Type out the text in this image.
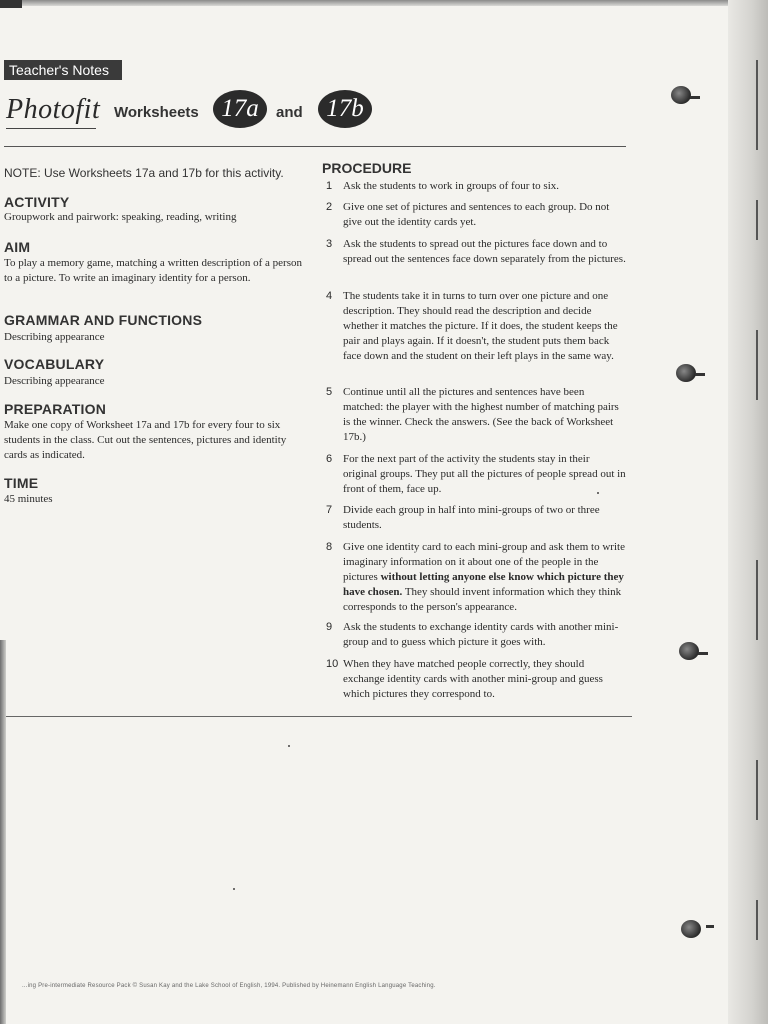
Teacher's Notes
Photofit Worksheets 17a	and 17b
NOTE: Use Worksheets 17a and 17b for this activity.
ACTIVITY
Groupwork and pairwork: speaking, reading, writing
AIM
To play a memory game, matching a written description of a person to a picture. To write an imaginary identity for a person.
GRAMMAR AND FUNCTIONS
Describing appearance
VOCABULARY
Describing appearance
PREPARATION
Make one copy of Worksheet 17a and 17b for every four to six students in the class. Cut out the sentences, pictures and identity cards as indicated.
TIME
45 minutes
PROCEDURE
1 Ask the students to work in groups of four to six.
2 Give one set of pictures and sentences to each group. Do not give out the identity cards yet.
3 Ask the students to spread out the pictures face down and to spread out the sentences face down separately from the pictures.
4 The students take it in turns to turn over one picture and one description. They should read the description and decide whether it matches the picture. If it does, the student keeps the pair and plays again. If it doesn't, the student puts them back face down and the student on their left plays in the same way.
5 Continue until all the pictures and sentences have been matched: the player with the highest number of matching pairs is the winner. Check the answers. (See the back of Worksheet 17b.)
6 For the next part of the activity the students stay in their original groups. They put all the pictures of people spread out in front of them, face up.
7 Divide each group in half into mini-groups of two or three students.
8 Give one identity card to each mini-group and ask them to write imaginary information on it about one of the people in the pictures without letting anyone else know which picture they have chosen. They should invent information which they think corresponds to the person's appearance.
9 Ask the students to exchange identity cards with another mini-group and to guess which picture it goes with.
10 When they have matched people correctly, they should exchange identity cards with another mini-group and guess which pictures they correspond to.
...ing Pre-intermediate Resource Pack © Susan Kay and the Lake School of English, 1994. Published by Heinemann English Language Teaching.
